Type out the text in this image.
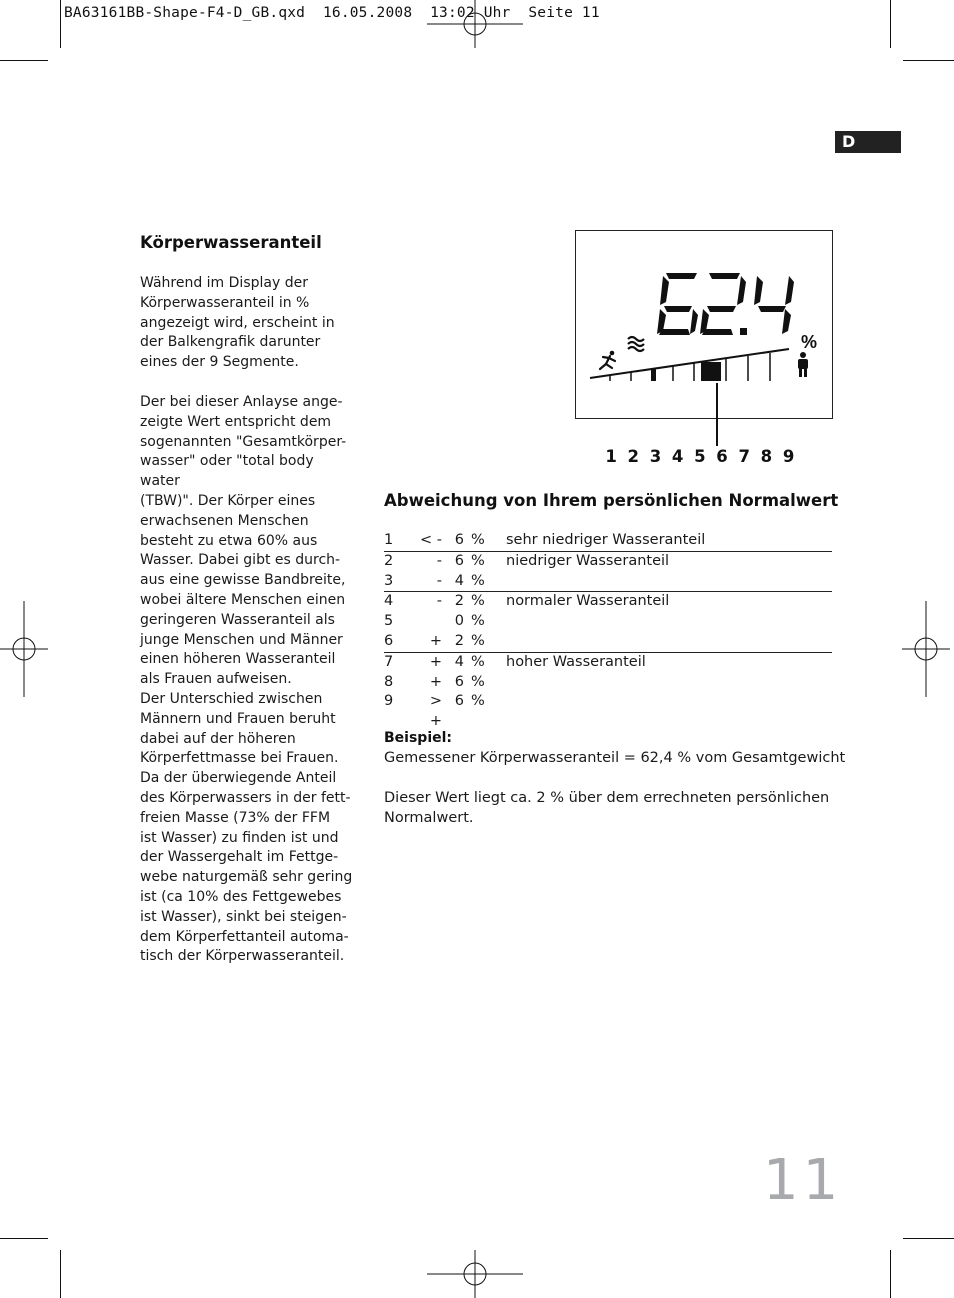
BA63161BB-Shape-F4-D_GB.qxd  16.05.2008  13:02 Uhr  Seite 11
D
Körperwasseranteil
Während im Display der
Körperwasseranteil in %
angezeigt wird, erscheint in
der Balkengrafik darunter
eines der 9 Segmente.
Der bei dieser Anlayse ange-
zeigte Wert entspricht dem
sogenannten "Gesamtkörper-
wasser" oder "total body water
(TBW)". Der Körper eines
erwachsenen Menschen
besteht zu etwa 60% aus
Wasser. Dabei gibt es durch-
aus eine gewisse Bandbreite,
wobei ältere Menschen einen
geringeren Wasseranteil als
junge Menschen und Männer
einen höheren Wasseranteil
als Frauen aufweisen.
Der Unterschied zwischen
Männern und Frauen beruht
dabei auf der höheren
Körperfettmasse bei Frauen.
Da der überwiegende Anteil
des Körperwassers in der fett-
freien Masse (73% der FFM
ist Wasser) zu finden ist und
der Wassergehalt im Fettge-
webe naturgemäß sehr gering
ist (ca 10% des Fettgewebes
ist Wasser), sinkt bei steigen-
dem Körperfettanteil automa-
tisch der Körperwasseranteil.
%
1 2 3 4 5 6 7 8 9
Abweichung von Ihrem persönlichen Normalwert
1	< -	6	%	sehr niedriger Wasseranteil
2	-	6	%	niedriger Wasseranteil
3	-	4	%	
4	-	2	%	normaler Wasseranteil
5		0	%	
6	+	2	%	
7	+	4	%	hoher Wasseranteil
8	+	6	%	
9	> +	6	%	
Beispiel:
Gemessener Körperwasseranteil = 62,4 % vom Gesamtgewicht
Dieser Wert liegt ca. 2 % über dem errechneten persönlichen
Normalwert.
11
